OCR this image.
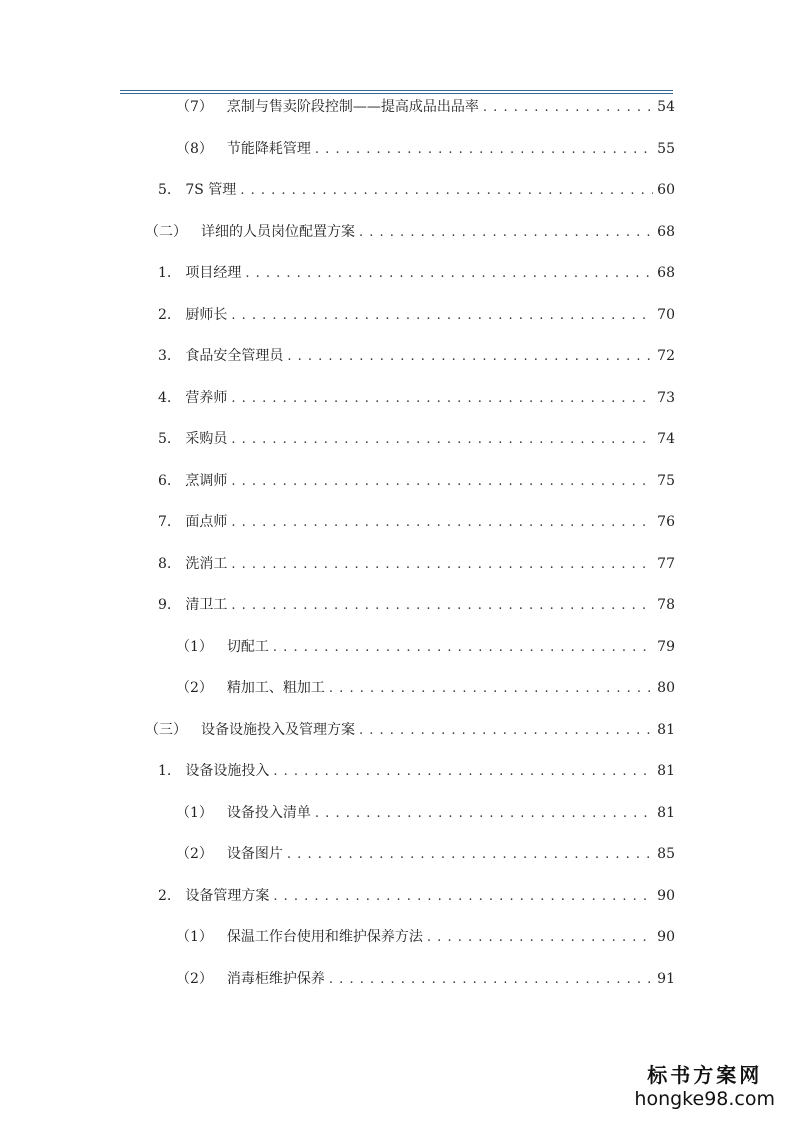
（7） 烹制与售卖阶段控制——提高成品出品率 . . .	54
（8） 节能降耗管理 . . .	55
5. 7S 管理 . . .	60
（二） 详细的人员岗位配置方案 . . .	68
1. 项目经理 . . .	68
2. 厨师长 . . .	70
3. 食品安全管理员 . . .	72
4. 营养师 . . .	73
5. 采购员 . . .	74
6. 烹调师 . . .	75
7. 面点师 . . .	76
8. 洗消工 . . .	77
9. 清卫工 . . .	78
（1） 切配工 . . .	79
（2） 精加工、粗加工 . . .	80
（三） 设备设施投入及管理方案 . . .	81
1. 设备设施投入 . . .	81
（1） 设备投入清单 . . .	81
（2） 设备图片 . . .	85
2. 设备管理方案 . . .	90
（1） 保温工作台使用和维护保养方法 . . .	90
（2） 消毒柜维护保养 . . .	91
标书方案网
hongke98.com
